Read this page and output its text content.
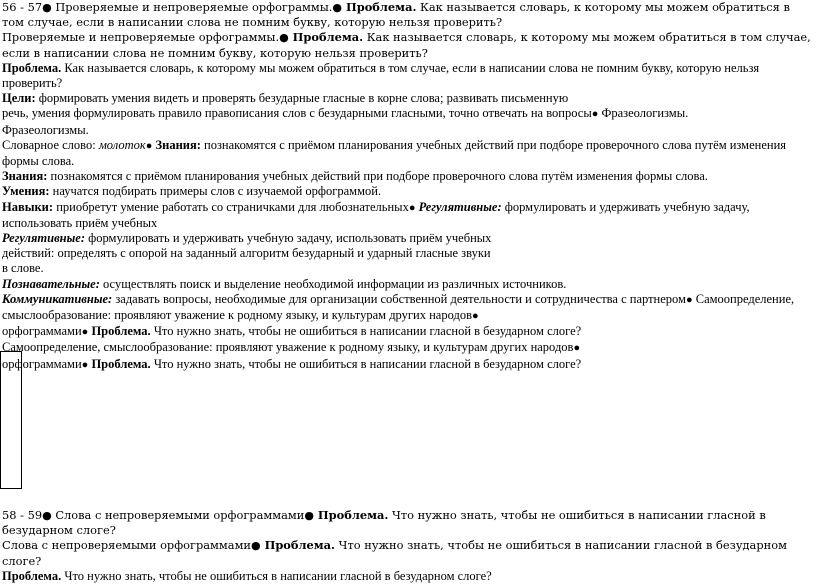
56 - 57● Проверяемые и непроверяемые орфограммы.● Проблема. Как называется словарь, к которому мы можем обратиться в том случае, если в написании слова не помним букву, которую нельзя проверить?

Проверяемые и непроверяемые орфограммы.● Проблема. Как называется словарь, к которому мы можем обратиться в том случае, если в написании слова не помним букву, которую нельзя проверить?

Проблема. Как называется словарь, к которому мы можем обратиться в том случае, если в написании слова не помним букву, которую нельзя проверить?

Цели: формировать умения видеть и проверять безударные гласные в корне слова; развивать письменную

речь, умения формулировать правило правописания слов с безударными гласными, точно отвечать на вопросы● Фразеологизмы.

Фразеологизмы.

Словарное слово: молоток● Знания: познакомятся с приёмом планирования учебных действий при подборе проверочного слова путём изменения формы слова.

Знания: познакомятся с приёмом планирования учебных действий при подборе проверочного слова путём изменения формы слова.

Умения: научатся подбирать примеры слов с изучаемой орфограммой.

Навыки: приобретут умение работать со страничками для любознательных● Регулятивные: формулировать и удерживать учебную задачу, использовать приём учебных

Регулятивные: формулировать и удерживать учебную задачу, использовать приём учебных

действий: определять с опорой на заданный алгоритм безударный и ударный гласные звуки

в слове.

Познавательные: осуществлять поиск и выделение необходимой информации из различных источников.

Коммуникативные: задавать вопросы, необходимые для организации собственной деятельности и сотрудничества с партнером● Самоопределение, смыслообразование: проявляют уважение к родному языку, и культурам других народов●

орфограммами● Проблема. Что нужно знать, чтобы не ошибиться в написании гласной в безударном слоге?

Самоопределение, смыслообразование: проявляют уважение к родному языку, и культурам других народов●

орфограммами● Проблема. Что нужно знать, чтобы не ошибиться в написании гласной в безударном слоге?

58 - 59● Слова с непроверяемыми орфограммами● Проблема. Что нужно знать, чтобы не ошибиться в написании гласной в безударном слоге?

Слова с непроверяемыми орфограммами● Проблема. Что нужно знать, чтобы не ошибиться в написании гласной в безударном слоге?

Проблема. Что нужно знать, чтобы не ошибиться в написании гласной в безударном слоге?
